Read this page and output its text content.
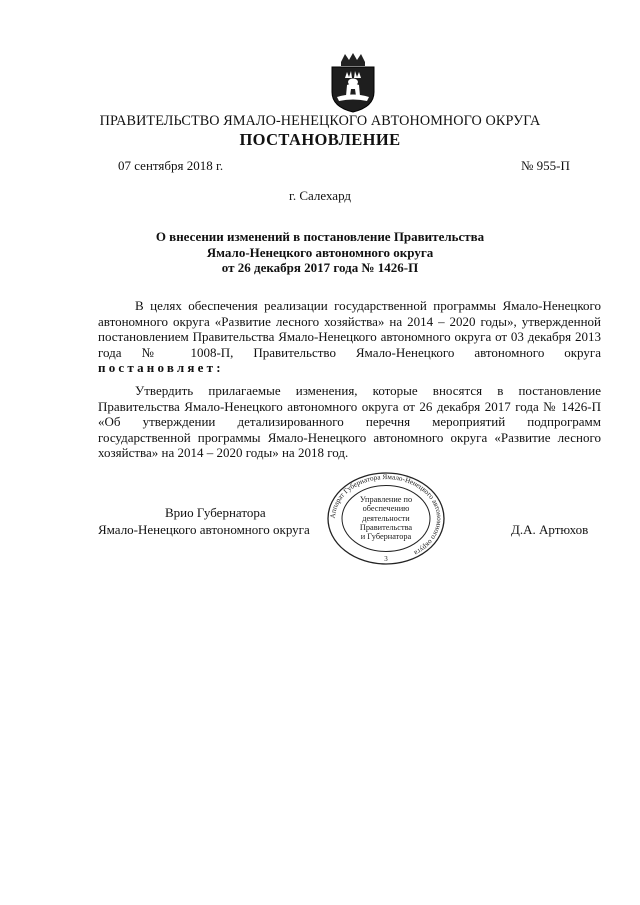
ПРАВИТЕЛЬСТВО ЯМАЛО-НЕНЕЦКОГО АВТОНОМНОГО ОКРУГА
ПОСТАНОВЛЕНИЕ
07 сентября 2018 г.	№ 955-П
г. Салехард
О внесении изменений в постановление Правительства
Ямало-Ненецкого автономного округа
от 26 декабря 2017 года № 1426-П
В целях обеспечения реализации государственной программы Ямало-Ненецкого автономного округа «Развитие лесного хозяйства» на 2014 – 2020 годы», утвержденной постановлением Правительства Ямало-Ненецкого автономного округа от 03 декабря 2013 года № 1008-П, Правительство Ямало-Ненецкого автономного округа постановляет:
Утвердить прилагаемые изменения, которые вносятся в постановление Правительства Ямало-Ненецкого автономного округа от 26 декабря 2017 года № 1426-П «Об утверждении детализированного перечня мероприятий подпрограмм государственной программы Ямало-Ненецкого автономного округа «Развитие лесного хозяйства» на 2014 – 2020 годы» на 2018 год.
Врио Губернатора
Ямало-Ненецкого автономного округа	Д.А. Артюхов
Аппарат Губернатора Ямало-Ненецкого автономного округа
3
Управление по
обеспечению
деятельности
Правительства
и Губернатора
